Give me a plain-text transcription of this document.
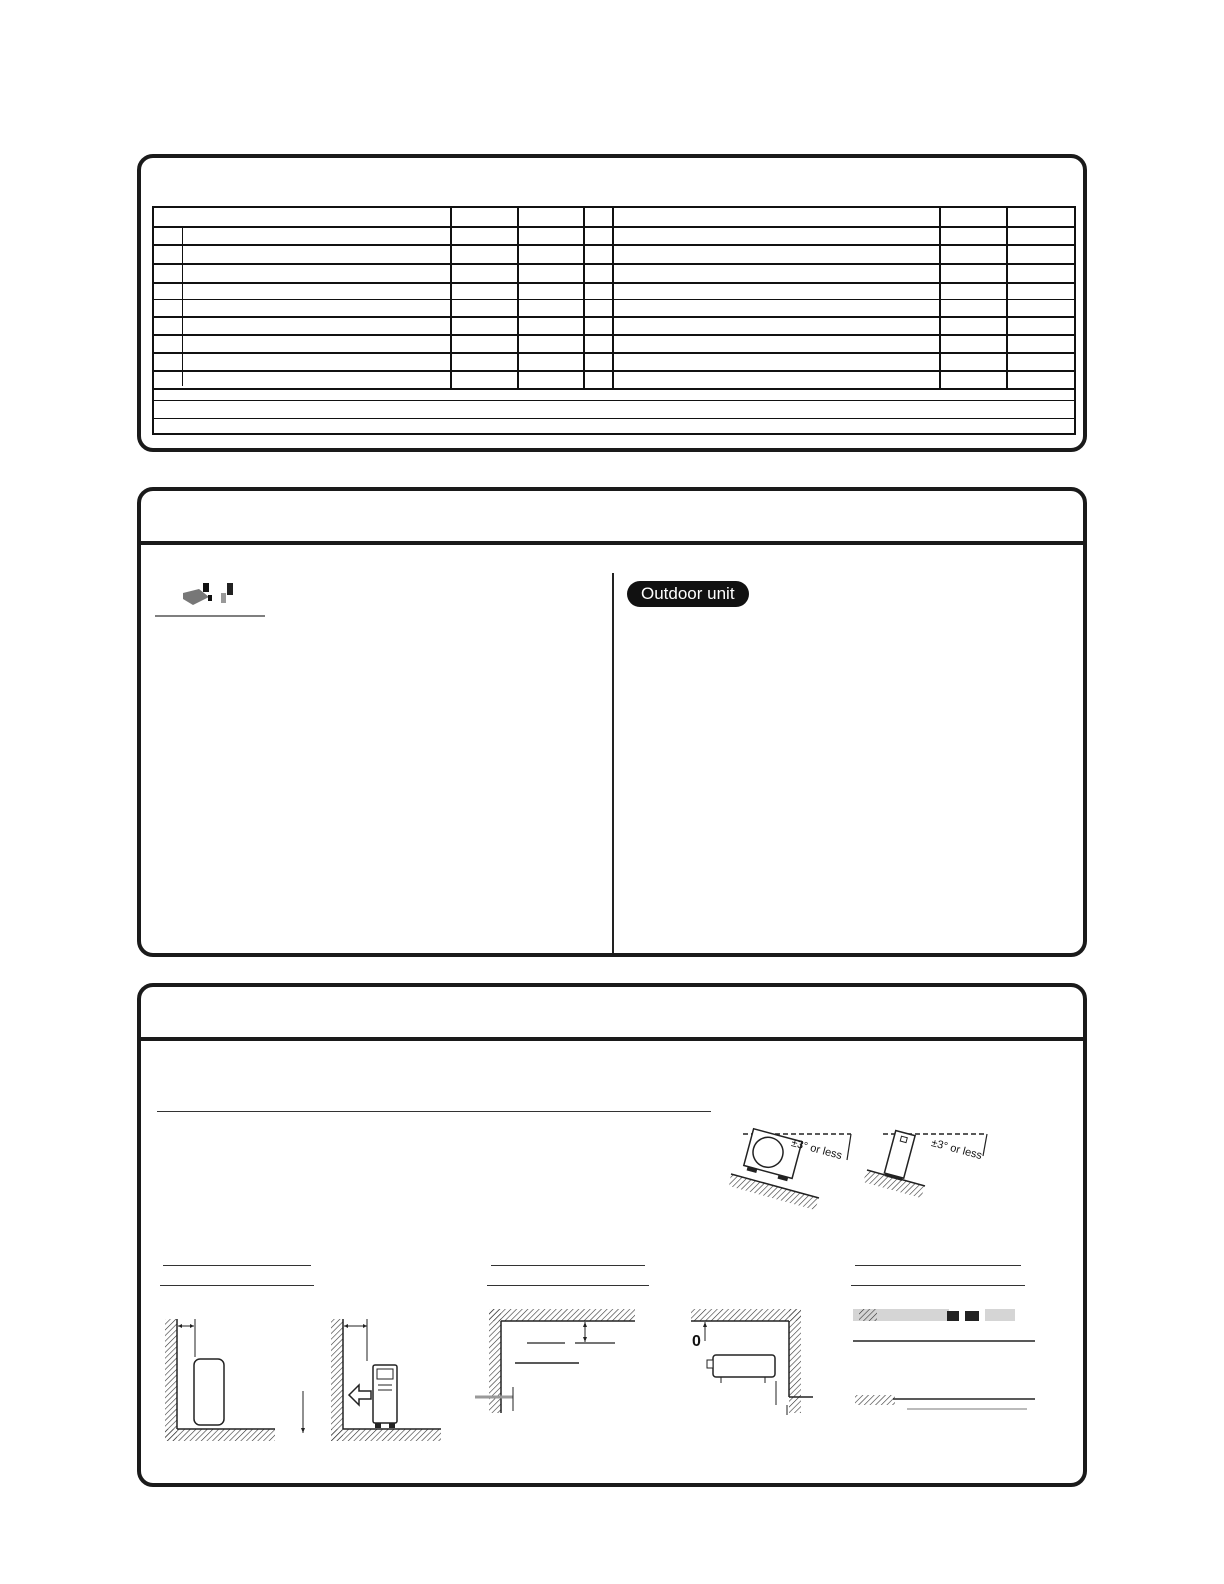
Outdoor unit
±3° or less	±3° or less
0
